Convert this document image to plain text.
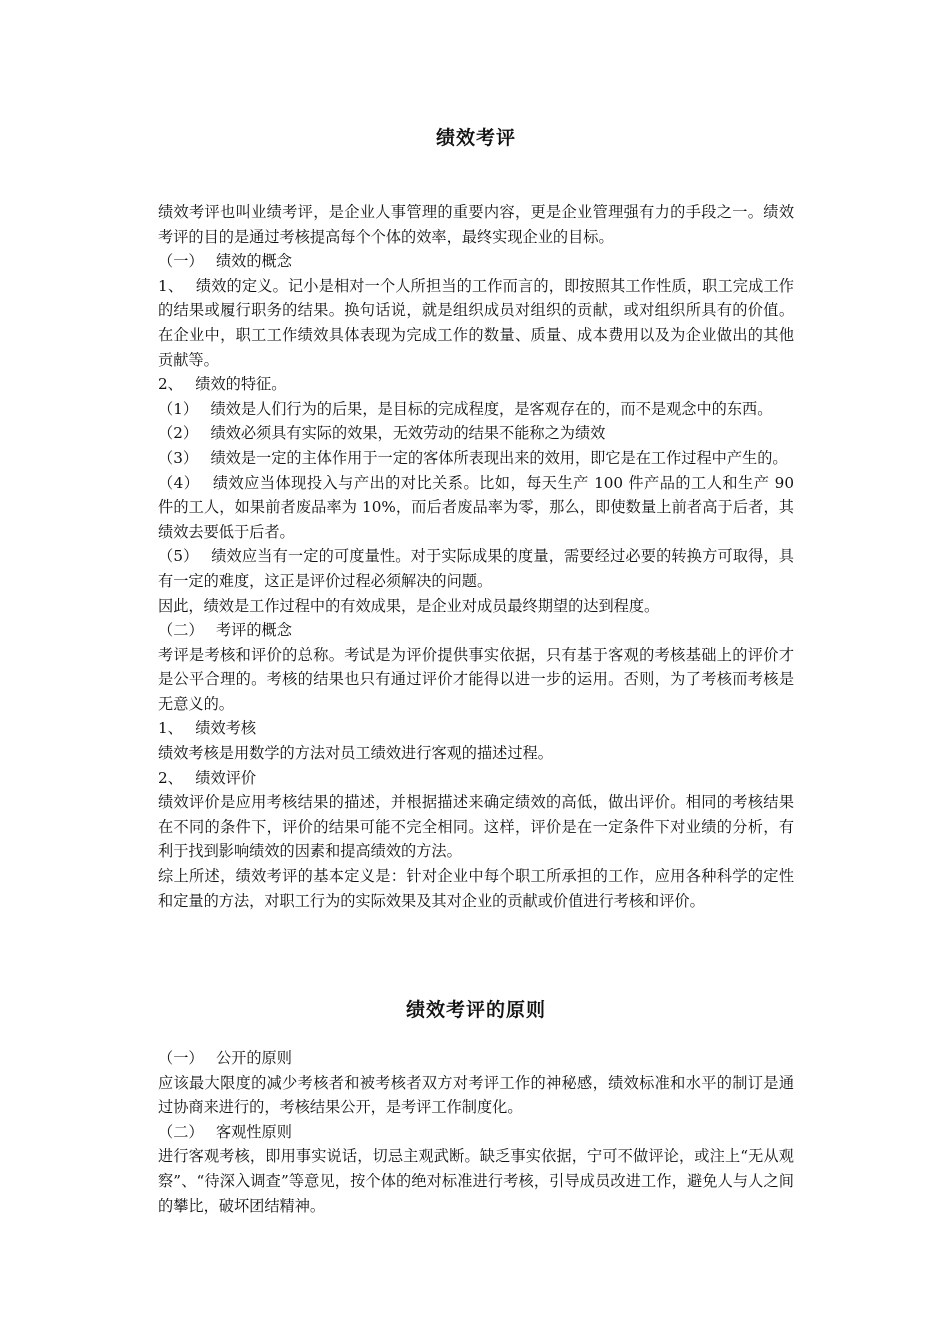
绩效考评

绩效考评也叫业绩考评，是企业人事管理的重要内容，更是企业管理强有力的手段之一。绩效考评的目的是通过考核提高每个个体的效率，最终实现企业的目标。

（一）　 绩效的概念

1、　 绩效的定义。记小是相对一个人所担当的工作而言的，即按照其工作性质，职工完成工作的结果或履行职务的结果。换句话说，就是组织成员对组织的贡献，或对组织所具有的价值。在企业中，职工工作绩效具体表现为完成工作的数量、质量、成本费用以及为企业做出的其他贡献等。

2、　 绩效的特征。

（1）　 绩效是人们行为的后果，是目标的完成程度，是客观存在的，而不是观念中的东西。

（2）　 绩效必须具有实际的效果，无效劳动的结果不能称之为绩效

（3）　 绩效是一定的主体作用于一定的客体所表现出来的效用，即它是在工作过程中产生的。

（4）　 绩效应当体现投入与产出的对比关系。比如，每天生产 100 件产品的工人和生产 90 件的工人，如果前者废品率为 10%，而后者废品率为零，那么，即使数量上前者高于后者，其绩效去要低于后者。

（5）　 绩效应当有一定的可度量性。对于实际成果的度量，需要经过必要的转换方可取得，具有一定的难度，这正是评价过程必须解决的问题。

因此，绩效是工作过程中的有效成果，是企业对成员最终期望的达到程度。

（二）　 考评的概念

考评是考核和评价的总称。考试是为评价提供事实依据，只有基于客观的考核基础上的评价才是公平合理的。考核的结果也只有通过评价才能得以进一步的运用。否则，为了考核而考核是无意义的。

1、　 绩效考核

绩效考核是用数学的方法对员工绩效进行客观的描述过程。

2、　 绩效评价

绩效评价是应用考核结果的描述，并根据描述来确定绩效的高低，做出评价。相同的考核结果在不同的条件下，评价的结果可能不完全相同。这样，评价是在一定条件下对业绩的分析，有利于找到影响绩效的因素和提高绩效的方法。

综上所述，绩效考评的基本定义是：针对企业中每个职工所承担的工作，应用各种科学的定性和定量的方法，对职工行为的实际效果及其对企业的贡献或价值进行考核和评价。

绩效考评的原则

（一）　 公开的原则

应该最大限度的减少考核者和被考核者双方对考评工作的神秘感，绩效标准和水平的制订是通过协商来进行的，考核结果公开，是考评工作制度化。

（二）　 客观性原则

进行客观考核，即用事实说话，切忌主观武断。缺乏事实依据，宁可不做评论，或注上“无从观察”、“待深入调查”等意见，按个体的绝对标准进行考核，引导成员改进工作，避免人与人之间的攀比，破坏团结精神。
